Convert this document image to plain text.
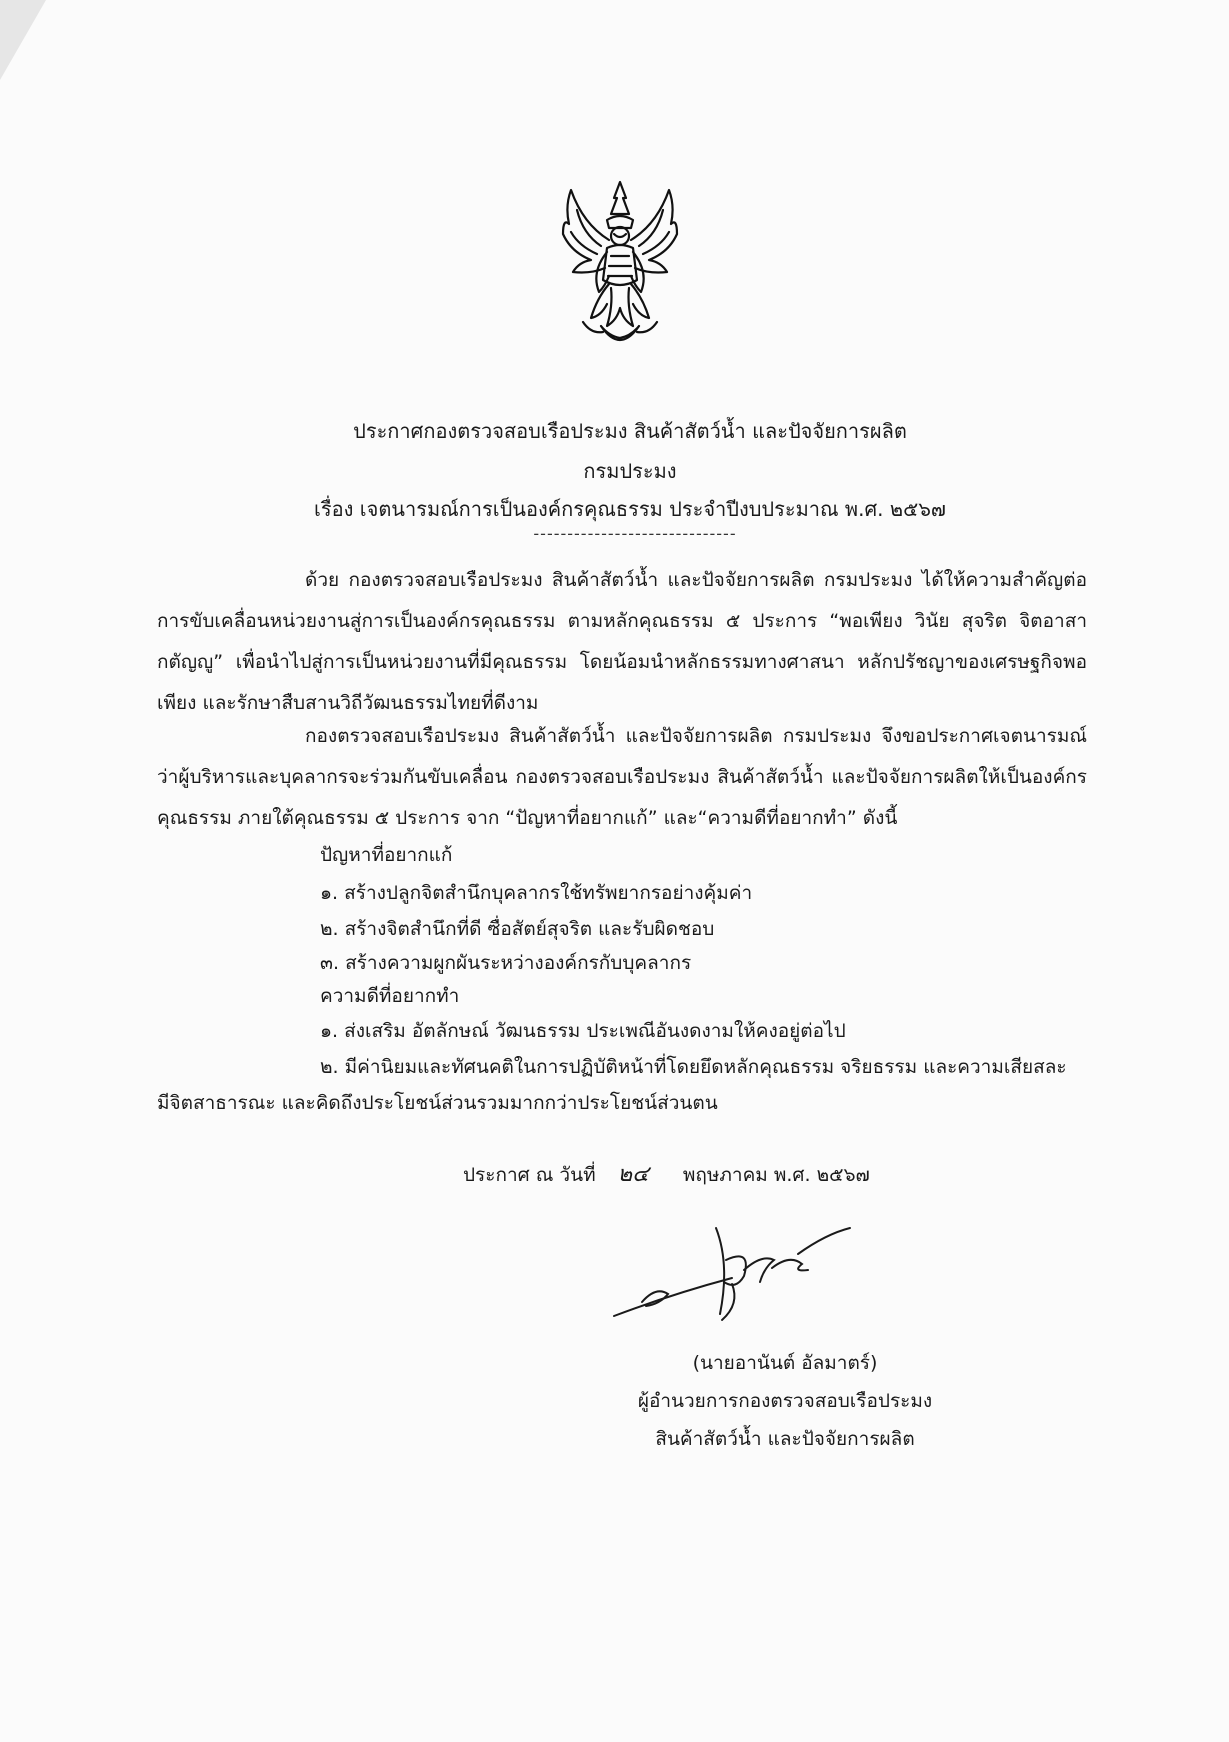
ประกาศกองตรวจสอบเรือประมง สินค้าสัตว์น้ำ และปัจจัยการผลิต
กรมประมง
เรื่อง เจตนารมณ์การเป็นองค์กรคุณธรรม ประจำปีงบประมาณ พ.ศ. ๒๕๖๗
------------------------------

ด้วย กองตรวจสอบเรือประมง สินค้าสัตว์น้ำ และปัจจัยการผลิต กรมประมง ได้ให้ความสำคัญต่อการขับเคลื่อนหน่วยงานสู่การเป็นองค์กรคุณธรรม ตามหลักคุณธรรม ๕ ประการ “พอเพียง วินัย สุจริต จิตอาสา กตัญญู” เพื่อนำไปสู่การเป็นหน่วยงานที่มีคุณธรรม โดยน้อมนำหลักธรรมทางศาสนา หลักปรัชญาของเศรษฐกิจพอเพียง และรักษาสืบสานวิถีวัฒนธรรมไทยที่ดีงาม

กองตรวจสอบเรือประมง สินค้าสัตว์น้ำ และปัจจัยการผลิต กรมประมง จึงขอประกาศเจตนารมณ์ว่าผู้บริหารและบุคลากรจะร่วมกันขับเคลื่อน กองตรวจสอบเรือประมง สินค้าสัตว์น้ำ และปัจจัยการผลิตให้เป็นองค์กรคุณธรรม ภายใต้คุณธรรม ๕ ประการ จาก “ปัญหาที่อยากแก้” และ“ความดีที่อยากทำ” ดังนี้

ปัญหาที่อยากแก้
๑. สร้างปลูกจิตสำนึกบุคลากรใช้ทรัพยากรอย่างคุ้มค่า
๒. สร้างจิตสำนึกที่ดี ซื่อสัตย์สุจริต และรับผิดชอบ
๓. สร้างความผูกผันระหว่างองค์กรกับบุคลากร
ความดีที่อยากทำ
๑. ส่งเสริม อัตลักษณ์ วัฒนธรรม ประเพณีอันงดงามให้คงอยู่ต่อไป
๒. มีค่านิยมและทัศนคติในการปฏิบัติหน้าที่โดยยึดหลักคุณธรรม จริยธรรม และความเสียสละ
มีจิตสาธารณะ และคิดถึงประโยชน์ส่วนรวมมากกว่าประโยชน์ส่วนตน
ประกาศ ณ วันที่ ๒๔ พฤษภาคม พ.ศ. ๒๕๖๗
(นายอานันต์ อัลมาตร์)
ผู้อำนวยการกองตรวจสอบเรือประมง
สินค้าสัตว์น้ำ และปัจจัยการผลิต
